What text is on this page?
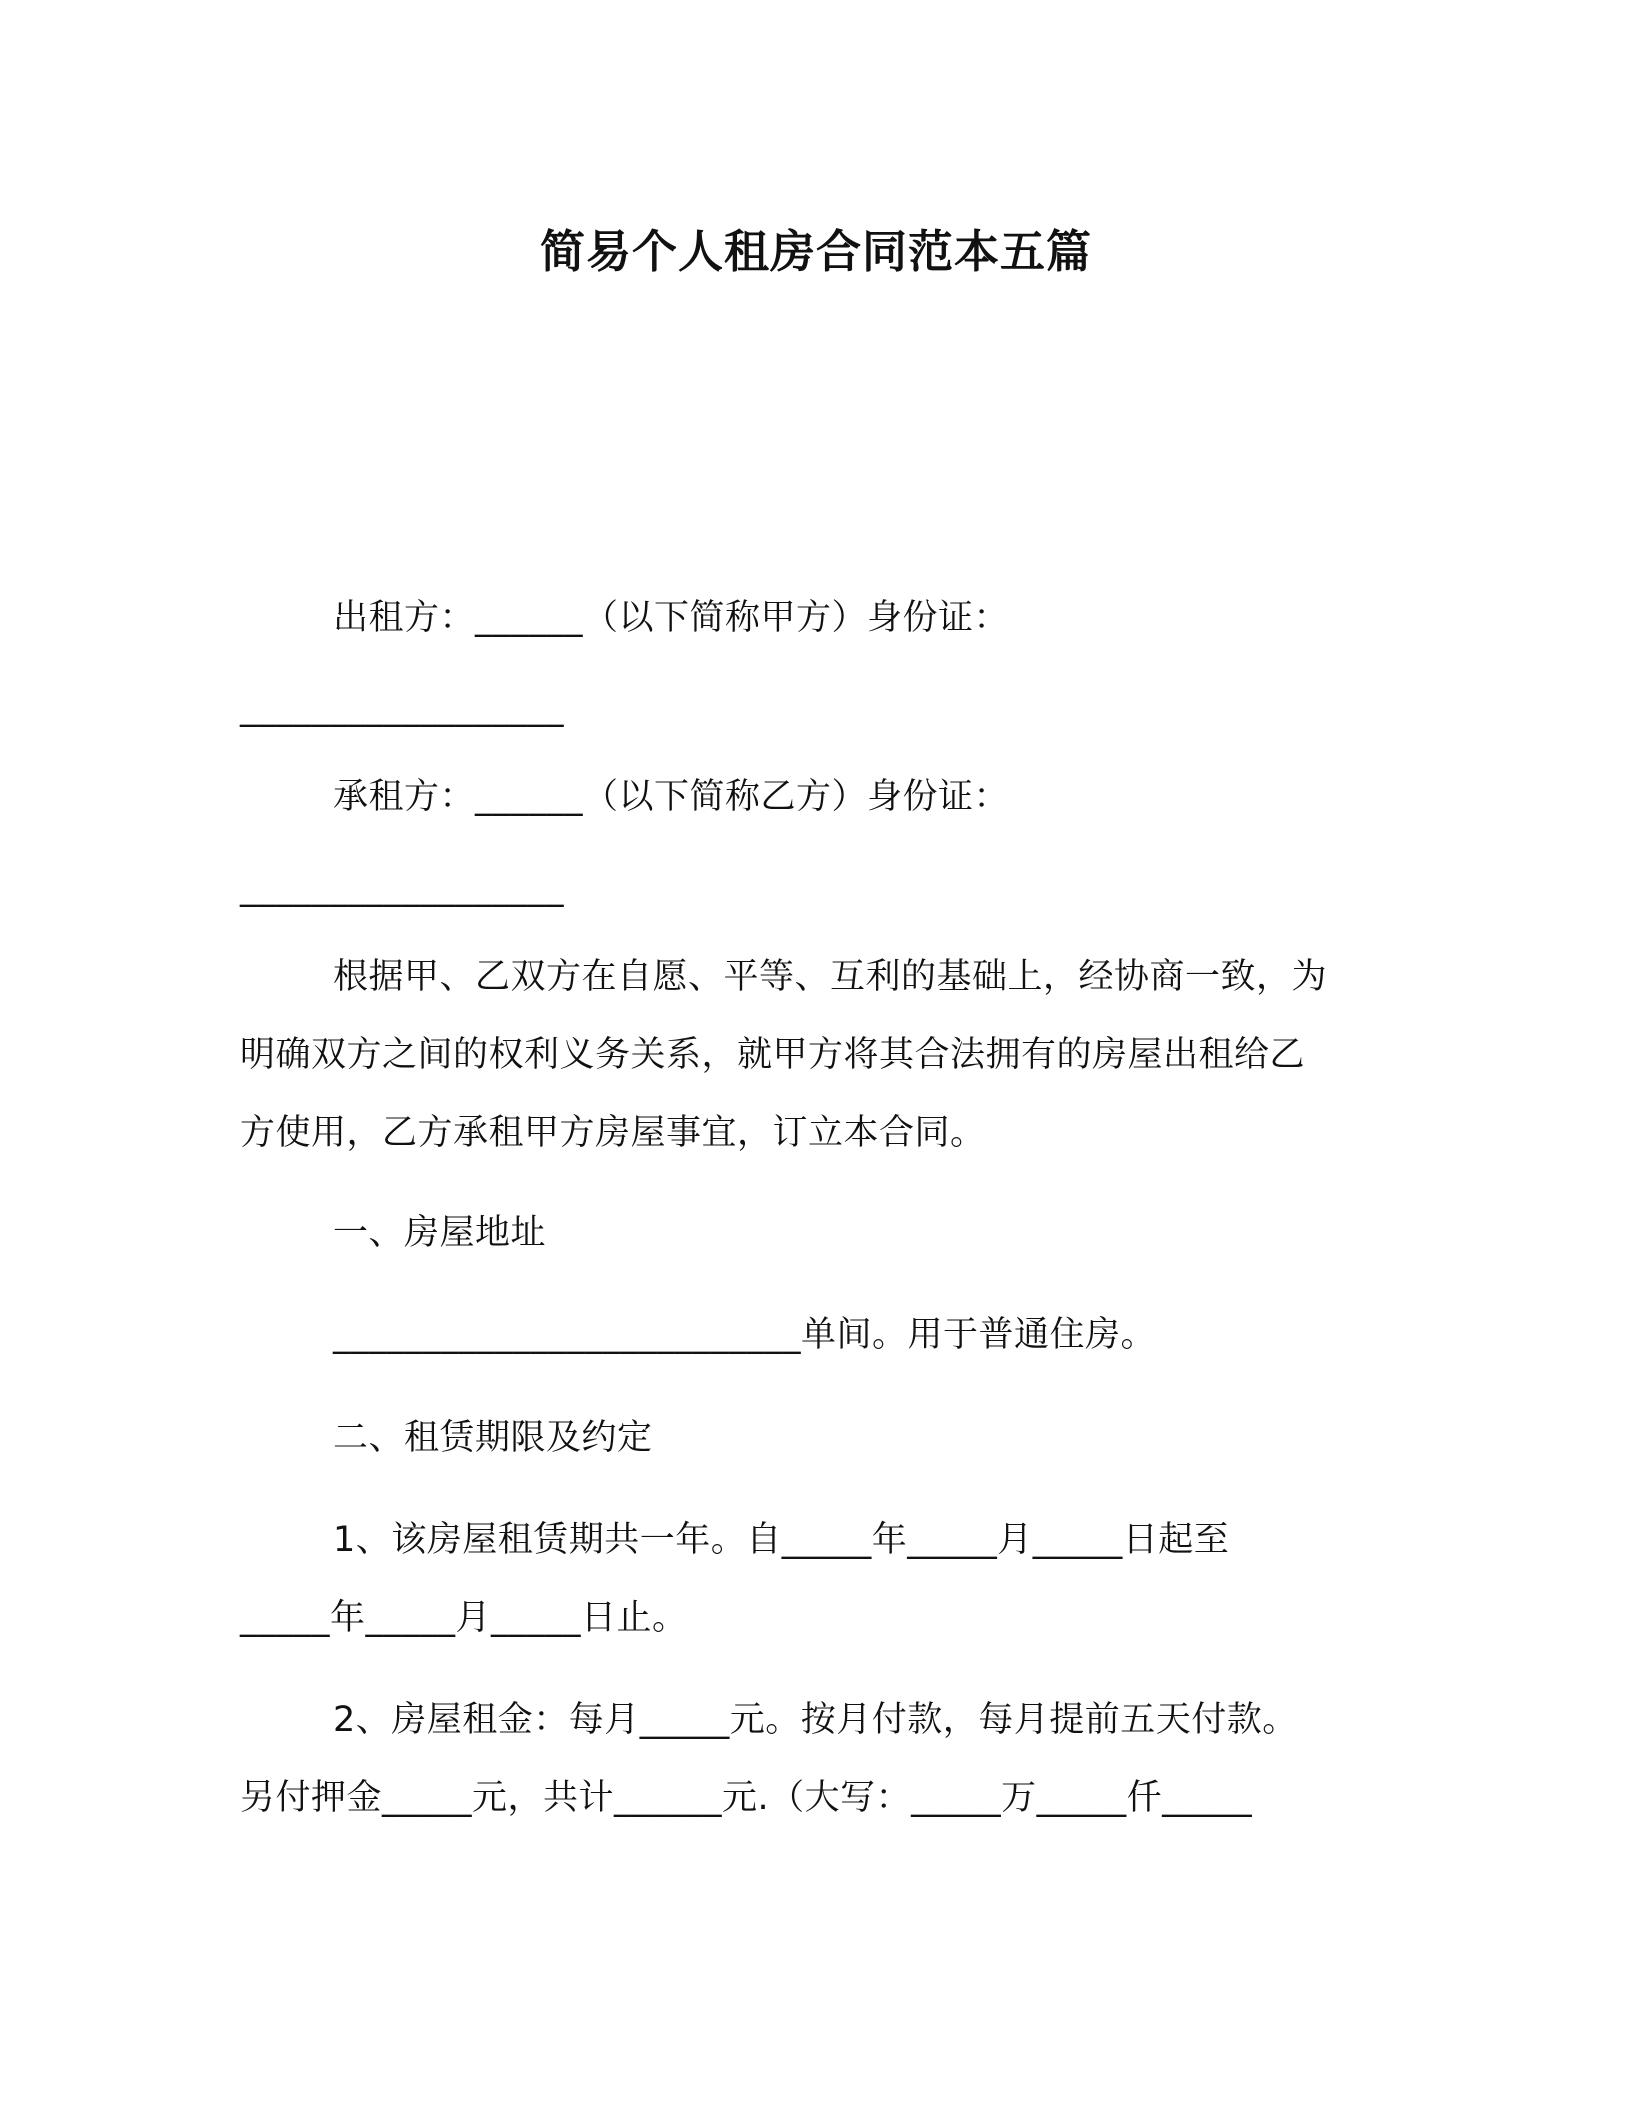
简易个人租房合同范本五篇
出租方：______（以下简称甲方）身份证：
__________________
承租方：______（以下简称乙方）身份证：
__________________
根据甲、乙双方在自愿、平等、互利的基础上，经协商一致，为
明确双方之间的权利义务关系，就甲方将其合法拥有的房屋出租给乙
方使用，乙方承租甲方房屋事宜，订立本合同。
一、房屋地址
__________________________单间。用于普通住房。
二、租赁期限及约定
1、该房屋租赁期共一年。自_____年_____月_____日起至
_____年_____月_____日止。
2、房屋租金：每月_____元。按月付款，每月提前五天付款。
另付押金_____元，共计______元.（大写：_____万_____仟_____
